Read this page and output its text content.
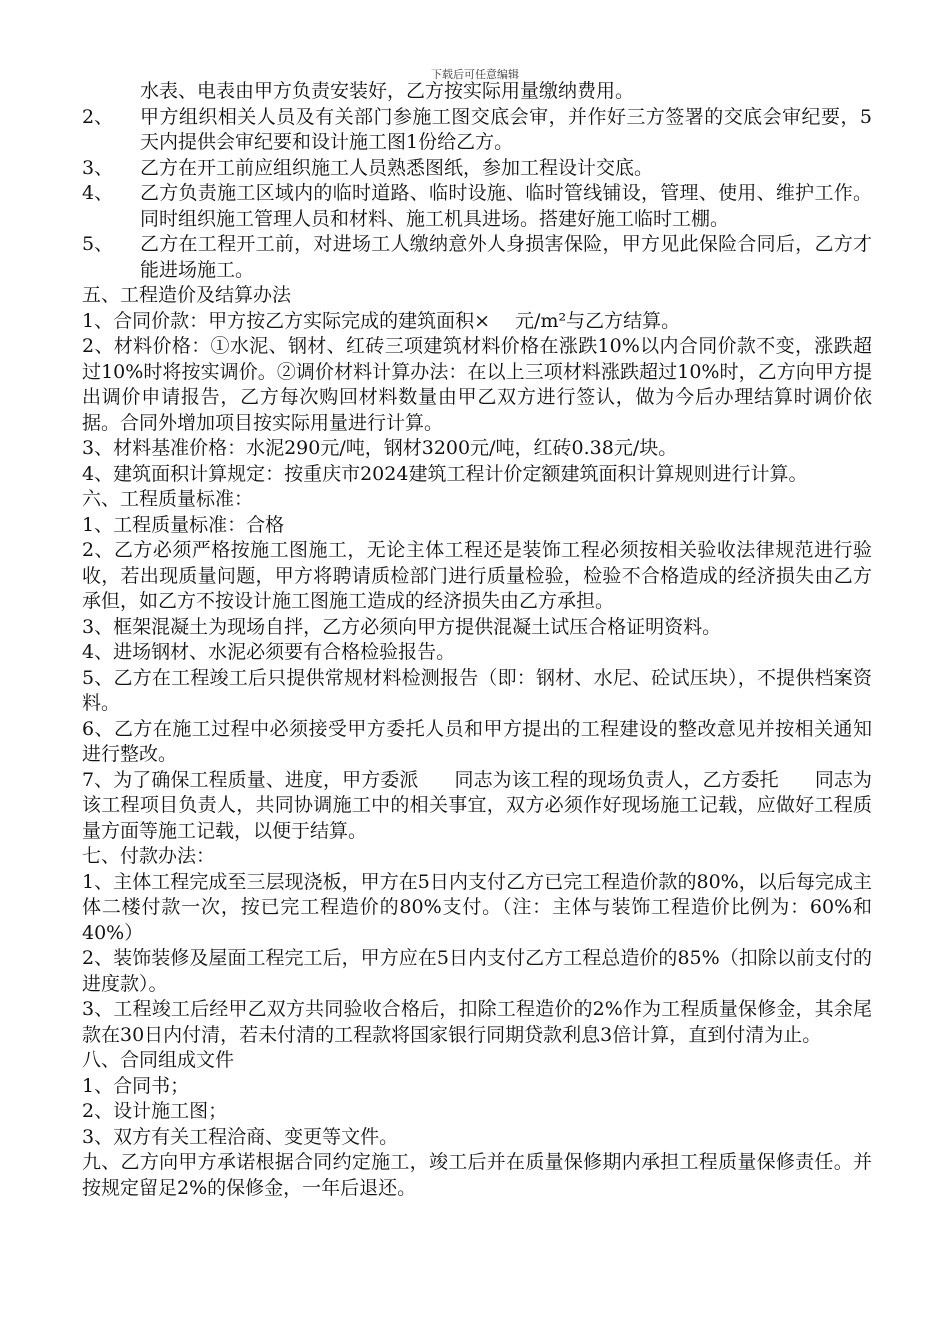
下载后可任意编辑

水表、电表由甲方负责安装好，乙方按实际用量缴纳费用。

2、	甲方组织相关人员及有关部门参施工图交底会审，并作好三方签署的交底会审纪要，5天内提供会审纪要和设计施工图1份给乙方。
3、	乙方在开工前应组织施工人员熟悉图纸，参加工程设计交底。
4、	乙方负责施工区域内的临时道路、临时设施、临时管线铺设，管理、使用、维护工作。同时组织施工管理人员和材料、施工机具进场。搭建好施工临时工棚。
5、	乙方在工程开工前，对进场工人缴纳意外人身损害保险，甲方见此保险合同后，乙方才能进场施工。

五、工程造价及结算办法

1、合同价款：甲方按乙方实际完成的建筑面积×　 元/m²与乙方结算。

2、材料价格：①水泥、钢材、红砖三项建筑材料价格在涨跌10%以内合同价款不变，涨跌超过10%时将按实调价。②调价材料计算办法：在以上三项材料涨跌超过10%时，乙方向甲方提出调价申请报告，乙方每次购回材料数量由甲乙双方进行签认，做为今后办理结算时调价依据。合同外增加项目按实际用量进行计算。

3、材料基准价格：水泥290元/吨，钢材3200元/吨，红砖0.38元/块。

4、建筑面积计算规定：按重庆市2024建筑工程计价定额建筑面积计算规则进行计算。

六、工程质量标准：

1、工程质量标准：合格

2、乙方必须严格按施工图施工，无论主体工程还是装饰工程必须按相关验收法律规范进行验收，若出现质量问题，甲方将聘请质检部门进行质量检验，检验不合格造成的经济损失由乙方承但，如乙方不按设计施工图施工造成的经济损失由乙方承担。

3、框架混凝土为现场自拌，乙方必须向甲方提供混凝土试压合格证明资料。

4、进场钢材、水泥必须要有合格检验报告。

5、乙方在工程竣工后只提供常规材料检测报告（即：钢材、水尼、砼试压块），不提供档案资料。

6、乙方在施工过程中必须接受甲方委托人员和甲方提出的工程建设的整改意见并按相关通知进行整改。

7、为了确保工程质量、进度，甲方委派 同志为该工程的现场负责人，乙方委托 同志为该工程项目负责人，共同协调施工中的相关事宜，双方必须作好现场施工记载，应做好工程质量方面等施工记载，以便于结算。

七、付款办法：

1、主体工程完成至三层现浇板，甲方在5日内支付乙方已完工程造价款的80%，以后每完成主体二楼付款一次，按已完工程造价的80%支付。（注：主体与装饰工程造价比例为：60%和40%）

2、装饰装修及屋面工程完工后，甲方应在5日内支付乙方工程总造价的85%（扣除以前支付的进度款）。

3、工程竣工后经甲乙双方共同验收合格后，扣除工程造价的2%作为工程质量保修金，其余尾款在30日内付清，若未付清的工程款将国家银行同期贷款利息3倍计算，直到付清为止。

八、合同组成文件

1、合同书；

2、设计施工图；

3、双方有关工程洽商、变更等文件。

九、乙方向甲方承诺根据合同约定施工，竣工后并在质量保修期内承担工程质量保修责任。并按规定留足2%的保修金，一年后退还。
